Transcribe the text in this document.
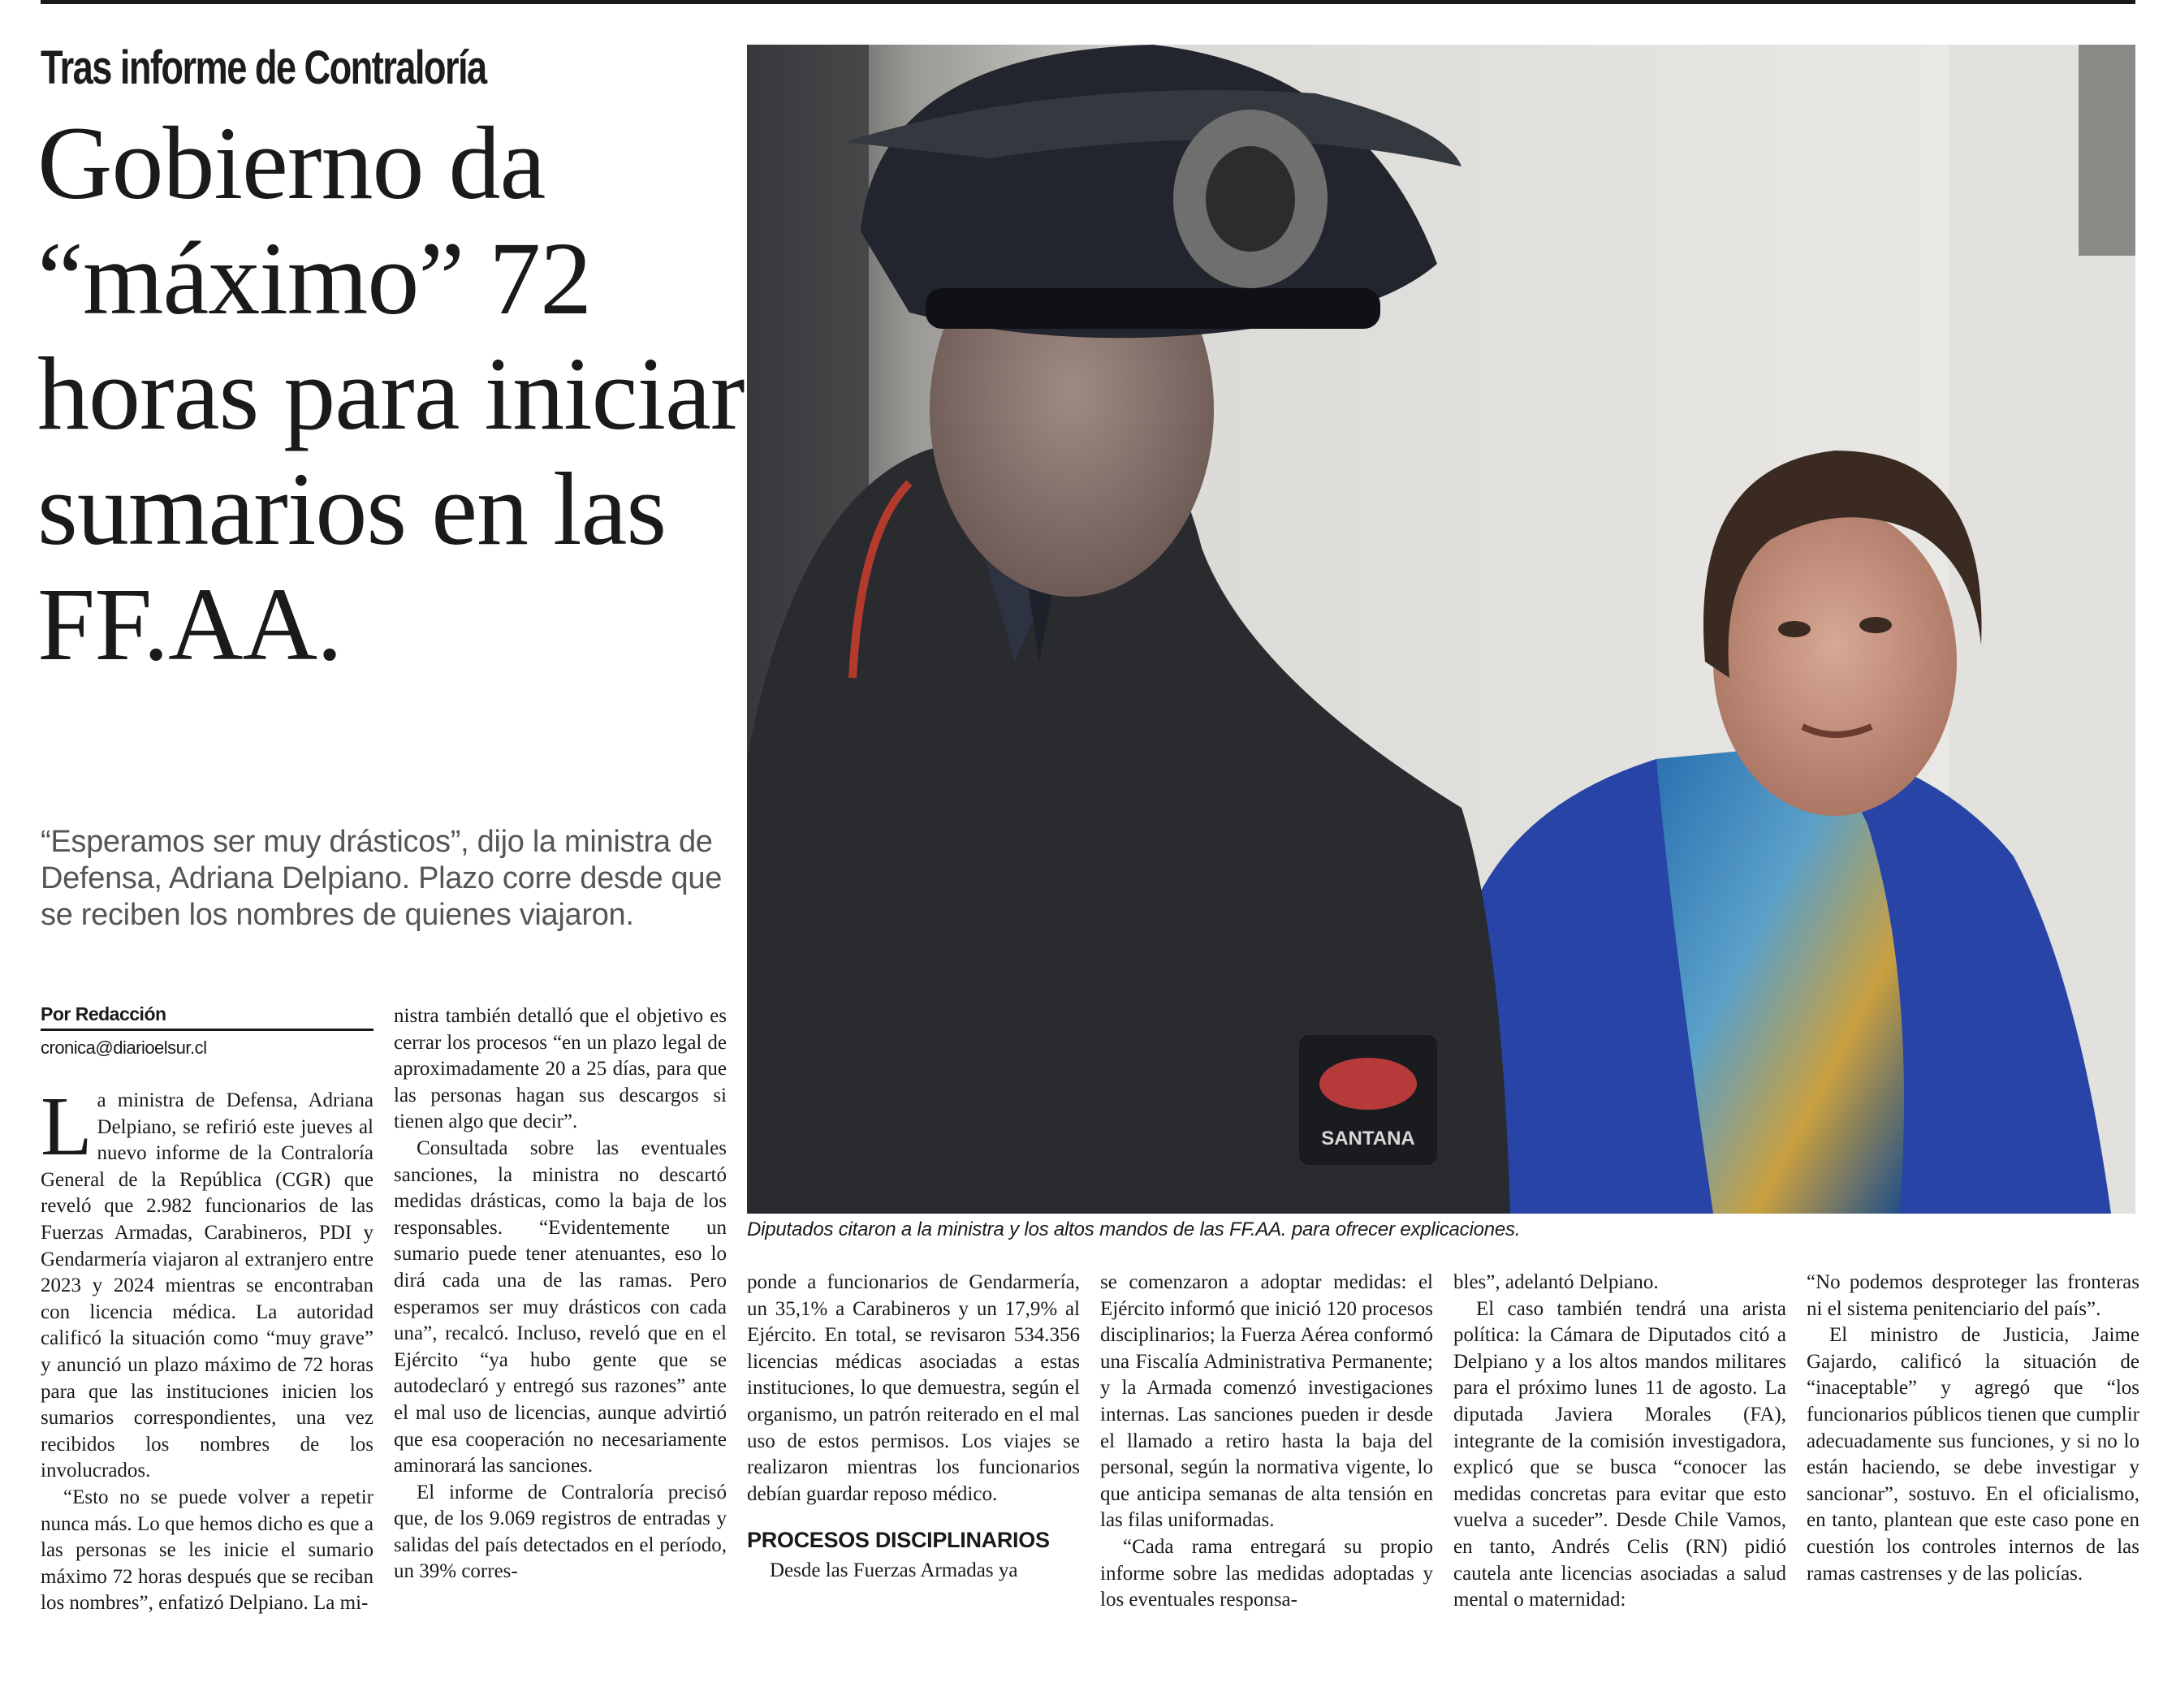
Tras informe de Contraloría
Gobierno da “máximo” 72 horas para iniciar sumarios en las FF.AA.

“Esperamos ser muy drásticos”, dijo la ministra de Defensa, Adriana Delpiano. Plazo corre desde que se reciben los nombres de quienes viajaron.

Por Redacción
cronica@diarioelsur.cl
SANTANA
Diputados citaron a la ministra y los altos mandos de las FF.AA. para ofrecer explicaciones.

La ministra de Defensa, Adriana Delpiano, se refirió este jueves al nuevo informe de la Contraloría General de la República (CGR) que reveló que 2.982 funcionarios de las Fuerzas Armadas, Carabineros, PDI y Gendarmería viajaron al extranjero entre 2023 y 2024 mientras se encontraban con licencia médica. La autoridad calificó la situación como “muy grave” y anunció un plazo máximo de 72 horas para que las instituciones inicien los sumarios correspondientes, una vez recibidos los nombres de los involucrados.

“Esto no se puede volver a repetir nunca más. Lo que hemos dicho es que a las personas se les inicie el sumario máximo 72 horas después que se reciban los nombres”, enfatizó Delpiano. La mi-

nistra también detalló que el objetivo es cerrar los procesos “en un plazo legal de aproximadamente 20 a 25 días, para que las personas hagan sus descargos si tienen algo que decir”.

Consultada sobre las eventuales sanciones, la ministra no descartó medidas drásticas, como la baja de los responsables. “Evidentemente un sumario puede tener atenuantes, eso lo dirá cada una de las ramas. Pero esperamos ser muy drásticos con cada una”, recalcó. Incluso, reveló que en el Ejército “ya hubo gente que se autodeclaró y entregó sus razones” ante el mal uso de licencias, aunque advirtió que esa cooperación no necesariamente aminorará las sanciones.

El informe de Contraloría precisó que, de los 9.069 registros de entradas y salidas del país detectados en el período, un 39% corres-

ponde a funcionarios de Gendarmería, un 35,1% a Carabineros y un 17,9% al Ejército. En total, se revisaron 534.356 licencias médicas asociadas a estas instituciones, lo que demuestra, según el organismo, un patrón reiterado en el mal uso de estos permisos. Los viajes se realizaron mientras los funcionarios debían guardar reposo médico.

PROCESOS DISCIPLINARIOS

Desde las Fuerzas Armadas ya

se comenzaron a adoptar medidas: el Ejército informó que inició 120 procesos disciplinarios; la Fuerza Aérea conformó una Fiscalía Administrativa Permanente; y la Armada comenzó investigaciones internas. Las sanciones pueden ir desde el llamado a retiro hasta la baja del personal, según la normativa vigente, lo que anticipa semanas de alta tensión en las filas uniformadas.

“Cada rama entregará su propio informe sobre las medidas adoptadas y los eventuales responsa-

bles”, adelantó Delpiano.

El caso también tendrá una arista política: la Cámara de Diputados citó a Delpiano y a los altos mandos militares para el próximo lunes 11 de agosto. La diputada Javiera Morales (FA), integrante de la comisión investigadora, explicó que se busca “conocer las medidas concretas para evitar que esto vuelva a suceder”. Desde Chile Vamos, en tanto, Andrés Celis (RN) pidió cautela ante licencias asociadas a salud mental o maternidad:

“No podemos desproteger las fronteras ni el sistema penitenciario del país”.

El ministro de Justicia, Jaime Gajardo, calificó la situación de “inaceptable” y agregó que “los funcionarios públicos tienen que cumplir adecuadamente sus funciones, y si no lo están haciendo, se debe investigar y sancionar”, sostuvo. En el oficialismo, en tanto, plantean que este caso pone en cuestión los controles internos de las ramas castrenses y de las policías.
